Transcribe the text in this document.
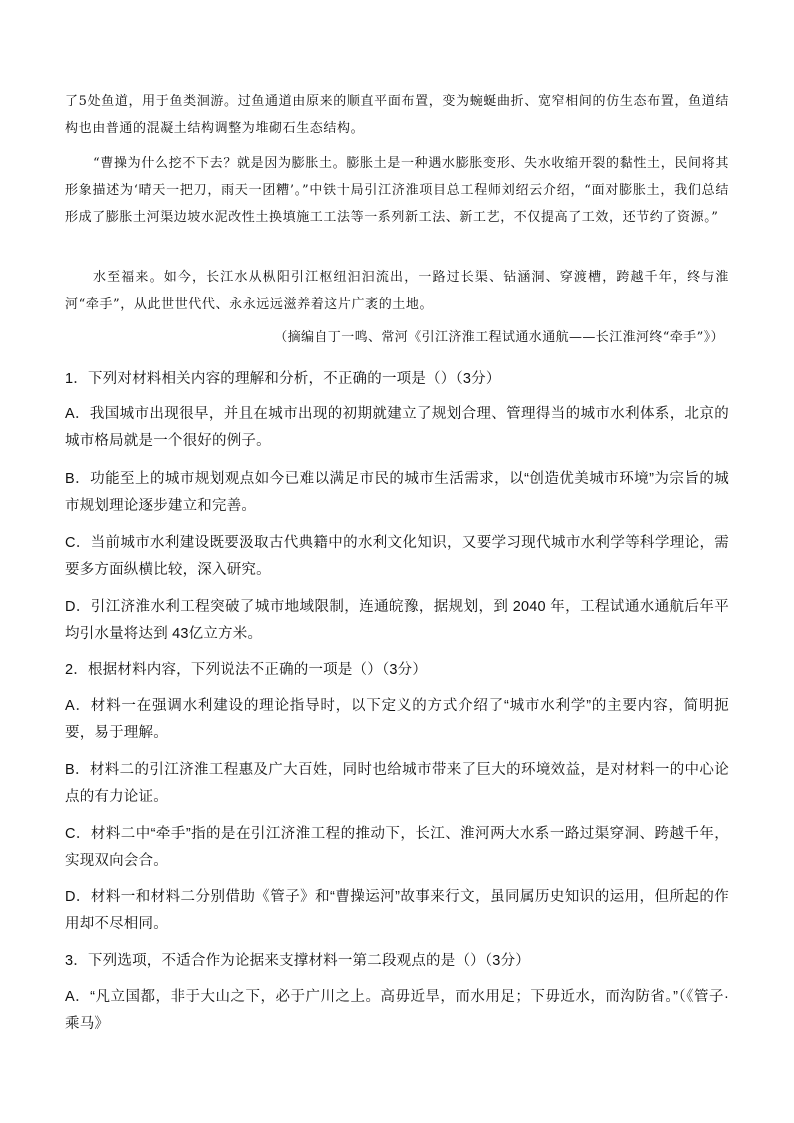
了5处鱼道，用于鱼类洄游。过鱼通道由原来的顺直平面布置，变为蜿蜒曲折、宽窄相间的仿生态布置，鱼道结构也由普通的混凝土结构调整为堆砌石生态结构。

“曹操为什么挖不下去？就是因为膨胀土。膨胀土是一种遇水膨胀变形、失水收缩开裂的黏性土，民间将其形象描述为‘晴天一把刀，雨天一团糟’。”中铁十局引江济淮项目总工程师刘绍云介绍，“面对膨胀土，我们总结形成了膨胀土河渠边坡水泥改性土换填施工工法等一系列新工法、新工艺，不仅提高了工效，还节约了资源。”

水至福来。如今，长江水从枞阳引江枢纽汩汩流出，一路过长渠、钻涵洞、穿渡槽，跨越千年，终与淮河“牵手”，从此世世代代、永永远远滋养着这片广袤的土地。

（摘编自丁一鸣、常河《引江济淮工程试通水通航——长江淮河终“牵手”》）

1．下列对材料相关内容的理解和分析，不正确的一项是（）（3分）

A．我国城市出现很早，并且在城市出现的初期就建立了规划合理、管理得当的城市水利体系，北京的城市格局就是一个很好的例子。

B．功能至上的城市规划观点如今已难以满足市民的城市生活需求，以“创造优美城市环境”为宗旨的城市规划理论逐步建立和完善。

C．当前城市水利建设既要汲取古代典籍中的水利文化知识，又要学习现代城市水利学等科学理论，需要多方面纵横比较，深入研究。

D．引江济淮水利工程突破了城市地域限制，连通皖豫，据规划，到 2040 年，工程试通水通航后年平均引水量将达到 43亿立方米。

2．根据材料内容，下列说法不正确的一项是（）（3分）

A．材料一在强调水利建设的理论指导时，以下定义的方式介绍了“城市水利学”的主要内容，简明扼要，易于理解。

B．材料二的引江济淮工程惠及广大百姓，同时也给城市带来了巨大的环境效益，是对材料一的中心论点的有力论证。

C．材料二中“牵手”指的是在引江济淮工程的推动下，长江、淮河两大水系一路过渠穿洞、跨越千年，实现双向会合。

D．材料一和材料二分别借助《管子》和“曹操运河”故事来行文，虽同属历史知识的运用，但所起的作用却不尽相同。

3．下列选项，不适合作为论据来支撑材料一第二段观点的是（）（3分）

A．“凡立国都，非于大山之下，必于广川之上。高毋近旱，而水用足；下毋近水，而沟防省。”（《管子·乘马》
